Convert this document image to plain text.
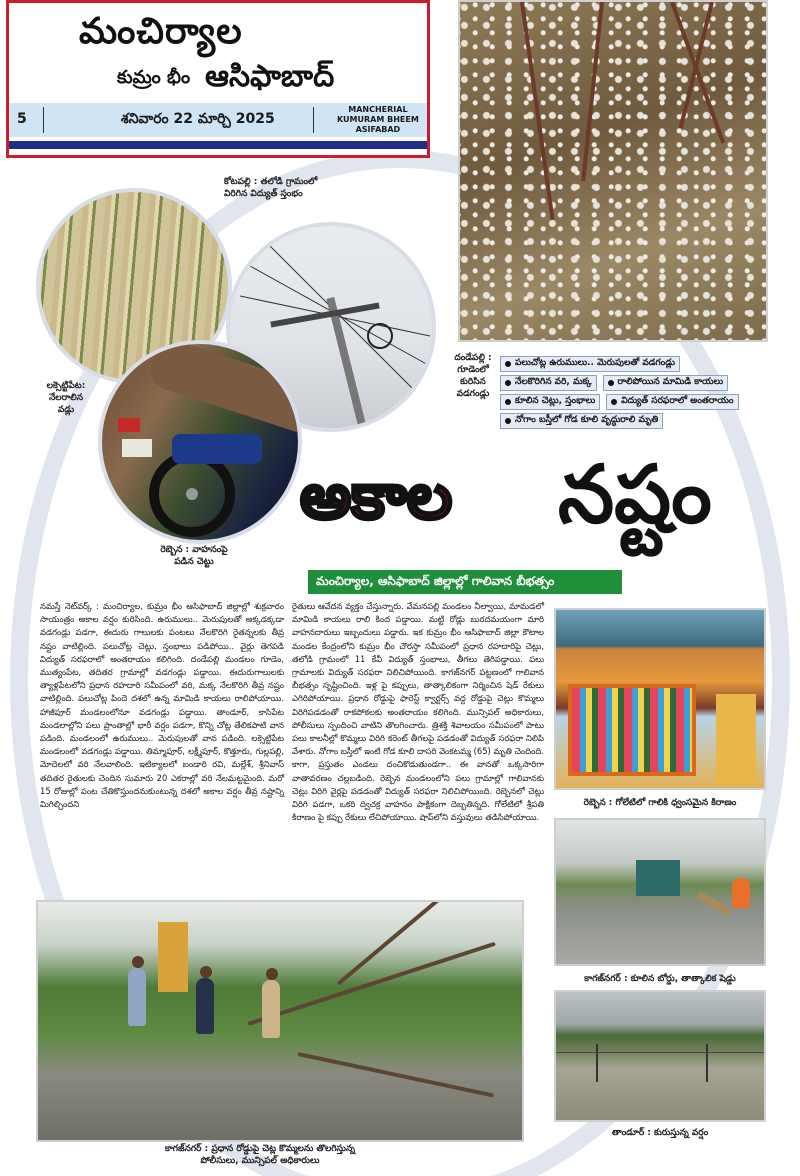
మంచిర్యాల
కుమ్రం భీం ఆసిఫాబాద్
5	శనివారం 22 మార్చి 2025
MANCHERIAL
KUMURAM BHEEM
ASIFABAD
కోటపల్లి : తలోడి గ్రామంలో
విరిగిన విద్యుత్ స్తంభం
లక్సెట్టిపేట:
నేలరాలిన
వడ్లు
దండేపల్లి :
గూడెంలో
కురిసిన
వడగండ్లు
రెబ్బెన : వాహనంపై
పడిన చెట్టు
పలుచోట్ల ఉరుములు.. మెరుపులతో వడగండ్లు
నేలకొరిగిన వరి, మక్క	రాలిపోయిన మామిడి కాయలు
కూలిన చెట్లు, స్తంభాలు	విద్యుత్ సరఫరాలో అంతరాయం
నోగాం బస్తీలో గోడ కూలి వృద్ధురాలి మృతి
అకాల నష్టం
మంచిర్యాల, ఆసిఫాబాద్ జిల్లాల్లో గాలివాన బీభత్సం
నమస్తే నెట్‌వర్క్ : మంచిర్యాల, కుమ్రం భీం ఆసిఫాబాద్ జిల్లాల్లో శుక్రవారం సాయంత్రం అకాల వర్షం కురిసింది. ఉరుములు.. మెరుపులతో అక్కడక్కడా వడగండ్లు పడగా, ఈదురు గాలులకు పంటలు నేలకొరిగి రైతన్నలకు తీవ్ర నష్టం వాటిల్లింది. పలుచోట్ల చెట్లు, స్తంభాలు పడిపోయి.. వైర్లు తెగపడి విద్యుత్ సరఫరాలో అంతరాయం కలిగింది. దండేపల్లి మండలం గూడెం, ముత్యంపేట, తదితర గ్రామాల్లో వడగండ్లు పడ్డాయి. ఈదురుగాలులకు త్యాళ్లపేటలోని ప్రధాన రహదారి సమీపంలో వరి, మక్క నేలకొరిగి తీవ్ర నష్టం వాటిల్లింది. పలుచోట్ల పిందె దశలో ఉన్న మామిడి కాయలు రాలిపోయాయి. హాజీపూర్ మండలంలోనూ వడగండ్లు పడ్డాయి. తాండూర్, కాసిపేట మండలాల్లోని పలు ప్రాంతాల్లో భారీ వర్షం పడగా, కొన్ని చోట్ల తేలికపాటి వాన పడింది. మండలంలో ఉరుములు.. మెరుపులతో వాన పడింది. లక్సెట్టిపేట మండలంలో వడగండ్లు పడ్డాయి. తిమ్మాపూర్, లక్ష్మీపూర్, కొత్తూరు, గుల్లపల్లి, మోదెలలో వరి నేలవాలింది. ఇటిక్యాలలో బండారి రవి, మల్లేశ్, శ్రీనివాస్ తదితర రైతులకు చెందిన సుమారు 20 ఎకరాల్లో వరి నేలమట్టమైంది. మరో 15 రోజుల్లో పంట చేతికొస్తుందనుకుంటున్న దశలో అకాల వర్షం తీవ్ర నష్టాన్ని మిగిల్చిందని
రైతులు ఆవేదన వ్యక్తం చేస్తున్నారు. వేమనపల్లి మండలం నీల్వాయి, మామడలో మామిడి కాయలు రాలి కింద పడ్డాయి. మట్టి రోడ్లు బురదమయంగా మారి వాహనదారులు ఇబ్బందులు పడ్డారు. ఇక కుమ్రం భీం ఆసిఫాబాద్ జిల్లా కౌటాల మండల కేంద్రంలోని కుమ్రం భీం చౌరస్తా సమీపంలో ప్రధాన రహదారిపై చెట్లు, తలోడి గ్రామంలో 11 కేవీ విద్యుత్ స్తంభాలు, తీగలు తెగిపడ్డాయి. పలు గ్రామాలకు విద్యుత్ సరఫరా నిలిచిపోయింది. కాగజ్‌నగర్ పట్టణంలో గాలివాన బీభత్సం సృష్టించింది. ఇళ్ల పై కప్పులు, తాత్కాలికంగా నిర్మించిన షెడ్ రేకులు ఎగిరిపోయాయి. ప్రధాన రోడ్డుపై ఫారెస్ట్ క్వార్టర్స్ వద్ద రోడ్డుపై చెట్లు కొమ్మలు విరిగిపడడంతో రాకపోకలకు అంతరాయం కలిగింది. మున్సిపల్ అధికారులు, పోలీసులు స్పందించి వాటిని తొలగించారు. త్రిశక్తి శివాలయం సమీపంలో పాటు పలు కాలనీల్లో కొమ్మలు విరిగి కరెంట్ తీగలపై పడడంతో విద్యుత్ సరఫరా నిలిపి వేశారు. నోగాం బస్తీలో ఇంటి గోడ కూలి దాసరి వెంకటమ్మ (65) మృతి చెందింది. కాగా, ప్రస్తుతం ఎండలు దంచికొడుతుండగా.. ఈ వానతో ఒక్కసారిగా వాతావరణం చల్లబడింది. రెబ్బెన మండలంలోని పలు గ్రామాల్లో గాలివానకు చెట్లు విరిగి వైర్లపై పడడంతో విద్యుత్ సరఫరా నిలిచిపోయింది. రెబ్బెనలో చెట్లు విరిగి పడగా, ఒకరి ద్విచక్ర వాహనం పాక్షికంగా దెబ్బతిన్నది. గోలేటిలో శ్రీపతి కిరాణం పై కప్పు రేకులు లేచిపోయాయి. షాప్‌లోని వస్తువులు తడిసిపోయాయి.
రెబ్బెన : గోలేటిలో గాలికి ధ్వంసమైన కిరాణం
కాగజ్‌నగర్ : కూలిన బోర్డు, తాత్కాలిక షెడ్డు
తాండూర్ : కురుస్తున్న వర్షం
కాగజ్‌నగర్ : ప్రధాన రోడ్డుపై చెట్ల కొమ్మలను తొలగిస్తున్న
పోలీసులు, మున్సిపల్ అధికారులు
